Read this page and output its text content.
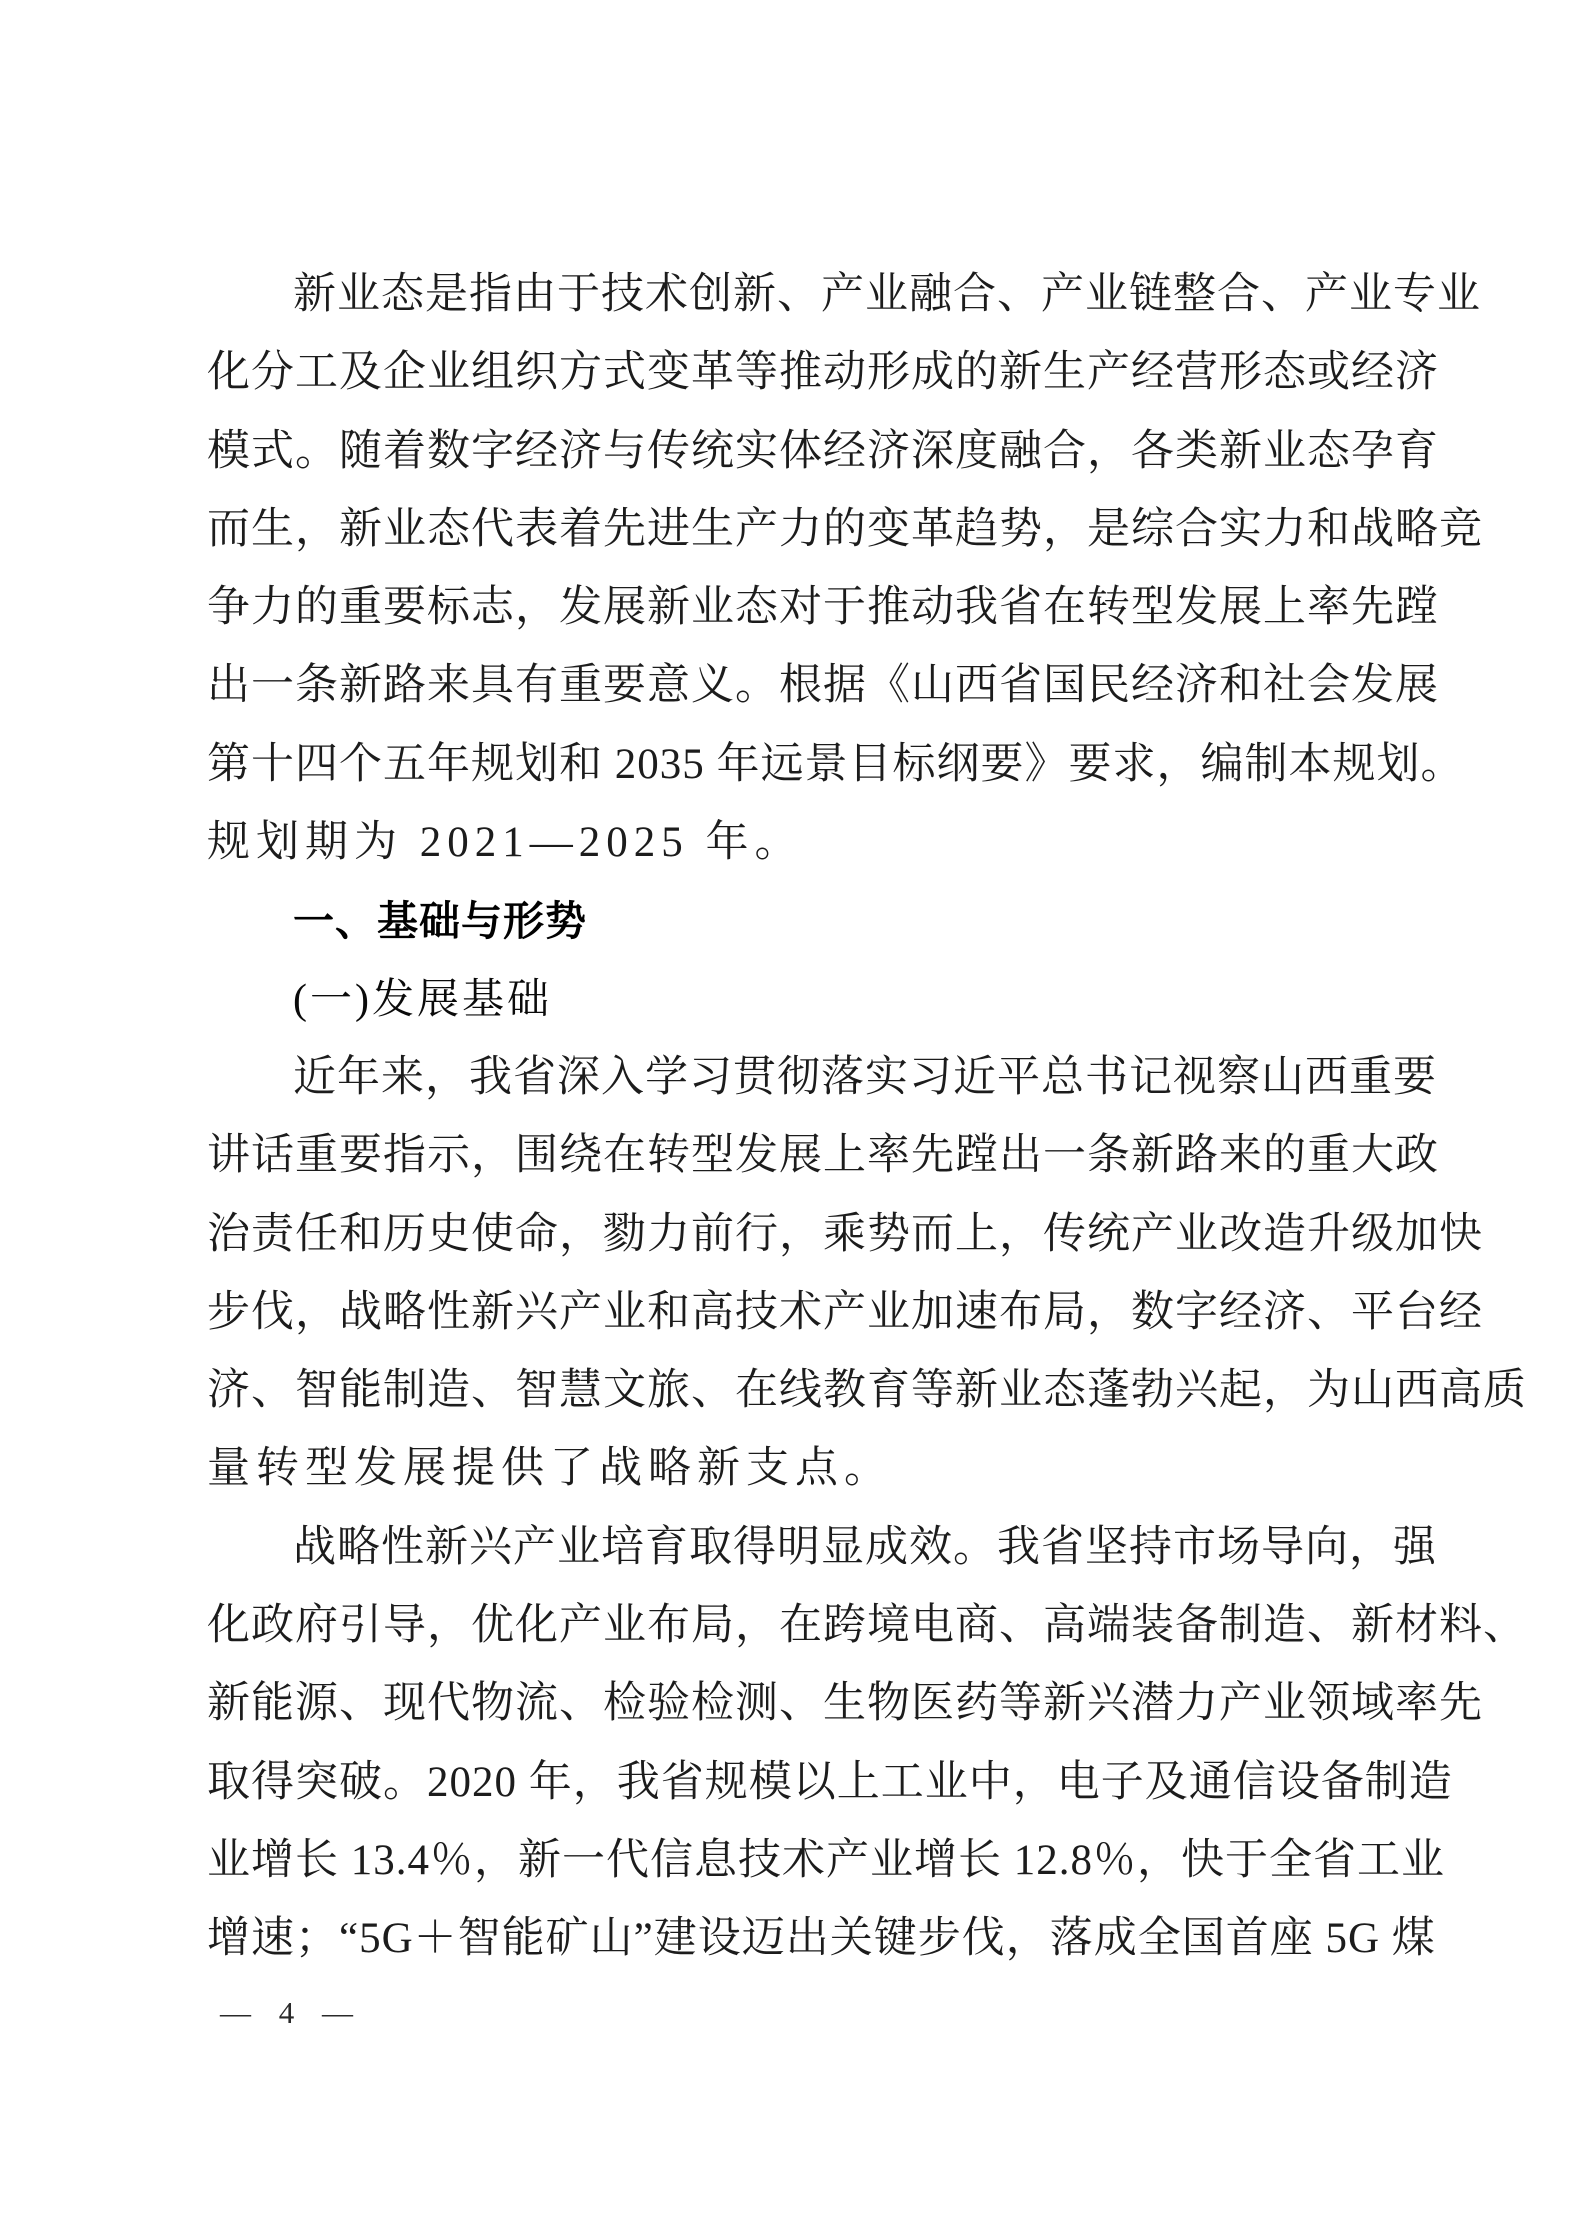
新业态是指由于技术创新、产业融合、产业链整合、产业专业
化分工及企业组织方式变革等推动形成的新生产经营形态或经济
模式。随着数字经济与传统实体经济深度融合，各类新业态孕育
而生，新业态代表着先进生产力的变革趋势，是综合实力和战略竞
争力的重要标志，发展新业态对于推动我省在转型发展上率先蹚
出一条新路来具有重要意义。根据《山西省国民经济和社会发展
第十四个五年规划和 2035 年远景目标纲要》要求，编制本规划。
规划期为 2021—2025 年。
一、基础与形势
(一)发展基础
近年来，我省深入学习贯彻落实习近平总书记视察山西重要
讲话重要指示，围绕在转型发展上率先蹚出一条新路来的重大政
治责任和历史使命，勠力前行，乘势而上，传统产业改造升级加快
步伐，战略性新兴产业和高技术产业加速布局，数字经济、平台经
济、智能制造、智慧文旅、在线教育等新业态蓬勃兴起，为山西高质
量转型发展提供了战略新支点。
战略性新兴产业培育取得明显成效。我省坚持市场导向，强
化政府引导，优化产业布局，在跨境电商、高端装备制造、新材料、
新能源、现代物流、检验检测、生物医药等新兴潜力产业领域率先
取得突破。2020 年，我省规模以上工业中，电子及通信设备制造
业增长 13.4％，新一代信息技术产业增长 12.8％，快于全省工业
增速；“5G＋智能矿山”建设迈出关键步伐，落成全国首座 5G 煤
— 4 —
